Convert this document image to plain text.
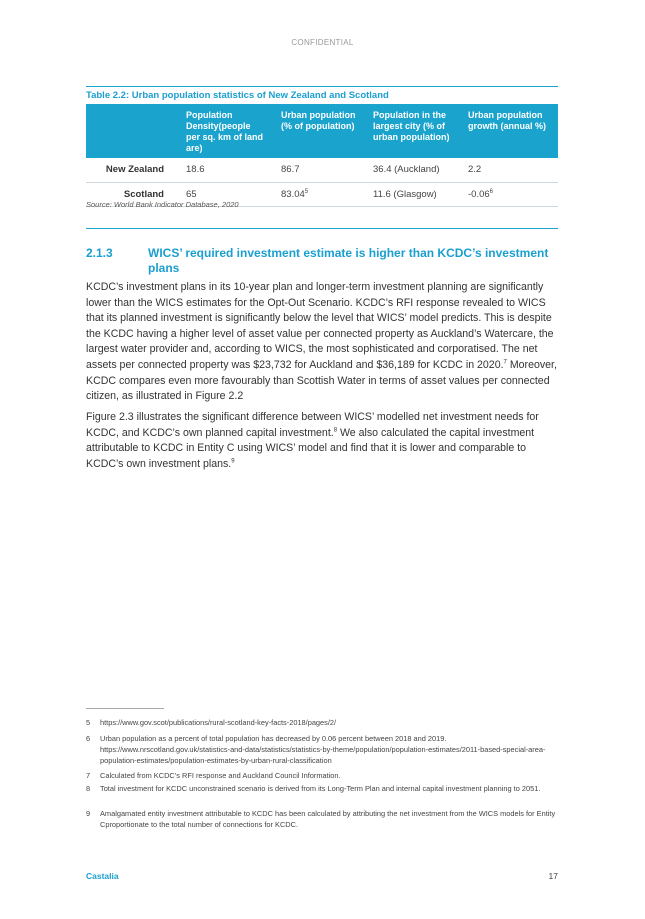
CONFIDENTIAL
Table 2.2: Urban population statistics of New Zealand and Scotland
	Population Density(people per sq. km of land are)	Urban population (% of population)	Population in the largest city (% of urban population)	Urban population growth (annual %)
New Zealand	18.6	86.7	36.4 (Auckland)	2.2
Scotland	65	83.04$^5$	11.6 (Glasgow)	-0.06$^6$
Source: World Bank Indicator Database, 2020
2.1.3	WICS’ required investment estimate is higher than KCDC’s investment plans

KCDC’s investment plans in its 10-year plan and longer-term investment planning are significantly lower than the WICS estimates for the Opt-Out Scenario. KCDC’s RFI response revealed to WICS that its planned investment is significantly below the level that WICS’ model predicts. This is despite the KCDC having a higher level of asset value per connected property as Auckland’s Watercare, the largest water provider and, according to WICS, the most sophisticated and corporatised. The net assets per connected property was $23,732 for Auckland and $36,189 for KCDC in 2020.$^7$ Moreover, KCDC compares even more favourably than Scottish Water in terms of asset values per connected citizen, as illustrated in Figure 2.2

Figure 2.3 illustrates the significant difference between WICS’ modelled net investment needs for KCDC, and KCDC’s own planned capital investment.$^8$ We also calculated the capital investment attributable to KCDC in Entity C using WICS’ model and find that it is lower and comparable to KCDC’s own investment plans.$^9$

5 https://www.gov.scot/publications/rural-scotland-key-facts-2018/pages/2/
6 Urban population as a percent of total population has decreased by 0.06 percent between 2018 and 2019. https://www.nrscotland.gov.uk/statistics-and-data/statistics/statistics-by-theme/population/population-estimates/2011-based-special-area-population-estimates/population-estimates-by-urban-rural-classification
7 Calculated from KCDC’s RFI response and Auckland Council Information.
8 Total investment for KCDC unconstrained scenario is derived from its Long-Term Plan and internal capital investment planning to 2051.
9 Amalgamated entity investment attributable to KCDC has been calculated by attributing the net investment from the WICS models for Entity Cproportionate to the total number of connections for KCDC.
Castalia	17
